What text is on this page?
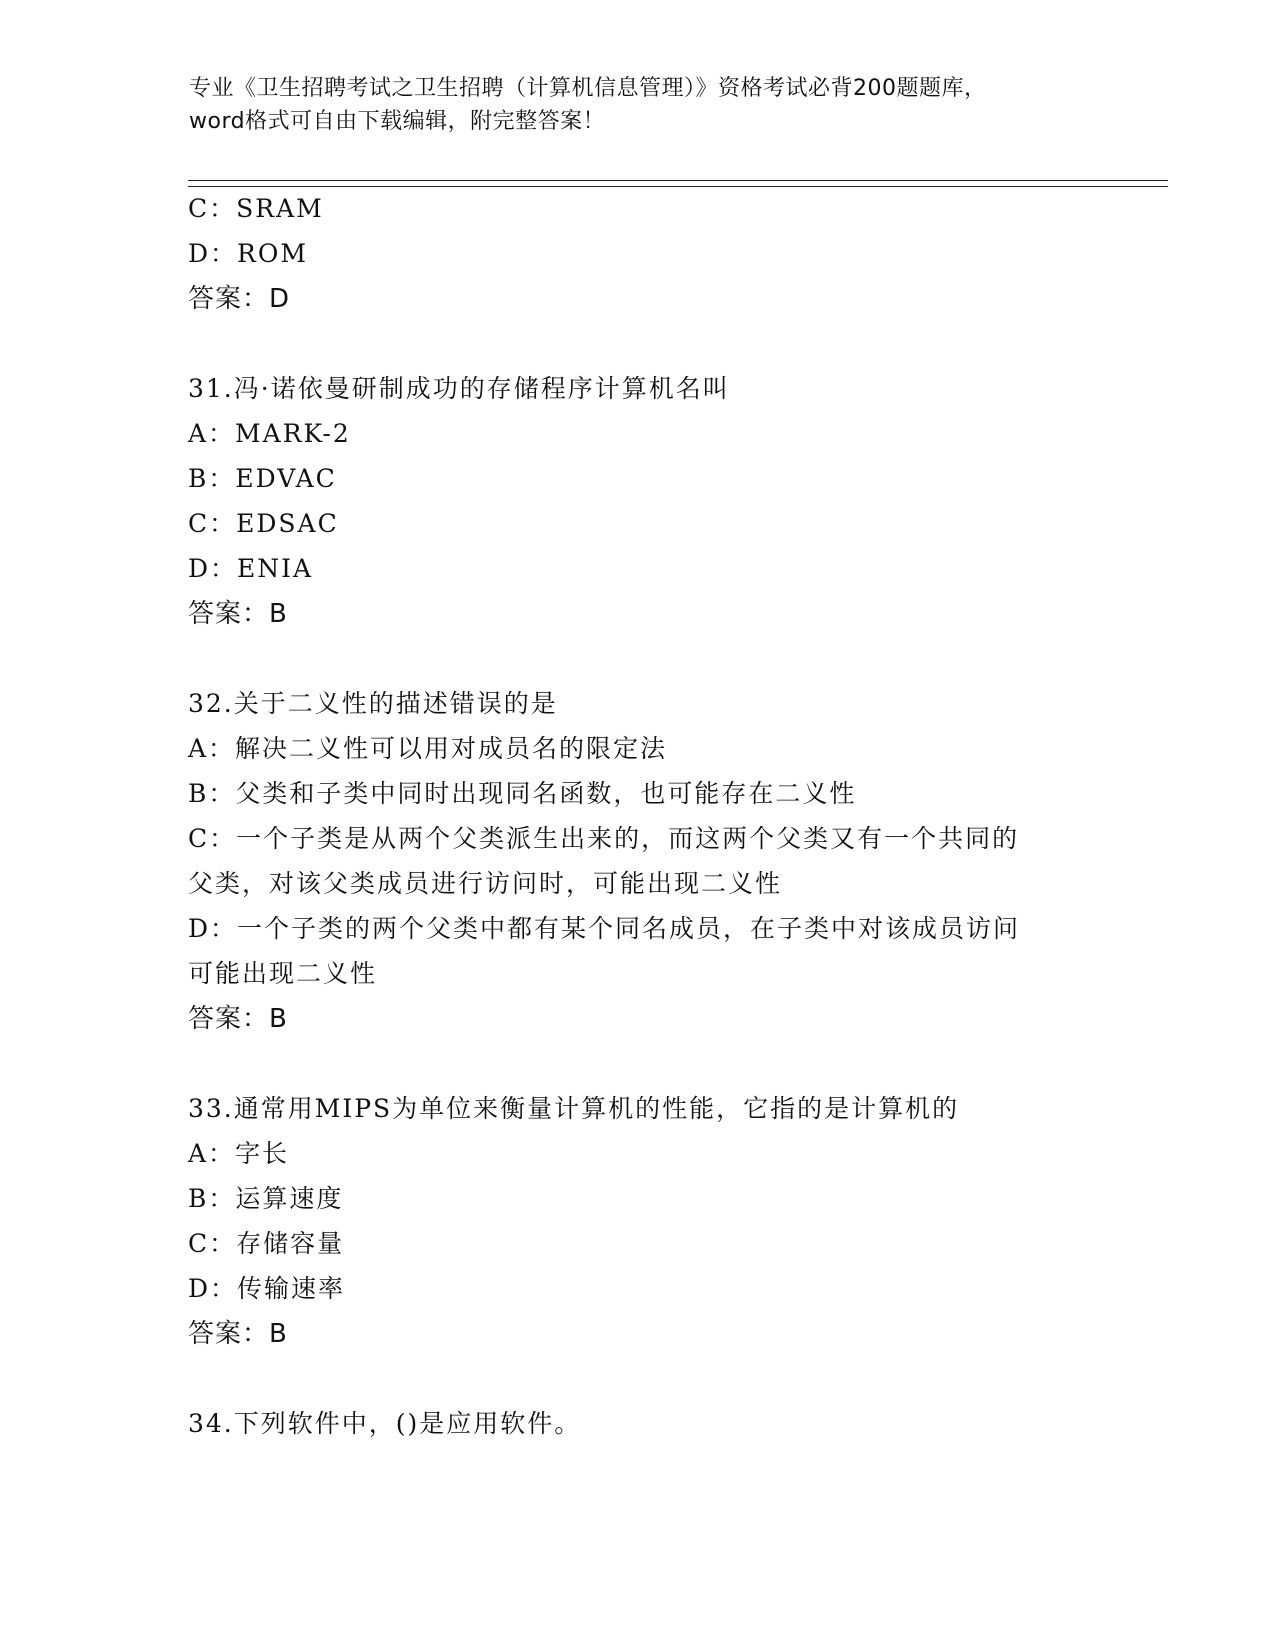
专业《卫生招聘考试之卫生招聘（计算机信息管理）》资格考试必背200题题库，
word格式可自由下载编辑，附完整答案！
C：SRAM
D：ROM
答案：D
31.冯·诺依曼研制成功的存储程序计算机名叫
A：MARK-2
B：EDVAC
C：EDSAC
D：ENIA
答案：B
32.关于二义性的描述错误的是
A：解决二义性可以用对成员名的限定法
B：父类和子类中同时出现同名函数，也可能存在二义性
C：一个子类是从两个父类派生出来的，而这两个父类又有一个共同的
父类，对该父类成员进行访问时，可能出现二义性
D：一个子类的两个父类中都有某个同名成员，在子类中对该成员访问
可能出现二义性
答案：B
33.通常用MIPS为单位来衡量计算机的性能，它指的是计算机的
A：字长
B：运算速度
C：存储容量
D：传输速率
答案：B
34.下列软件中，()是应用软件。
